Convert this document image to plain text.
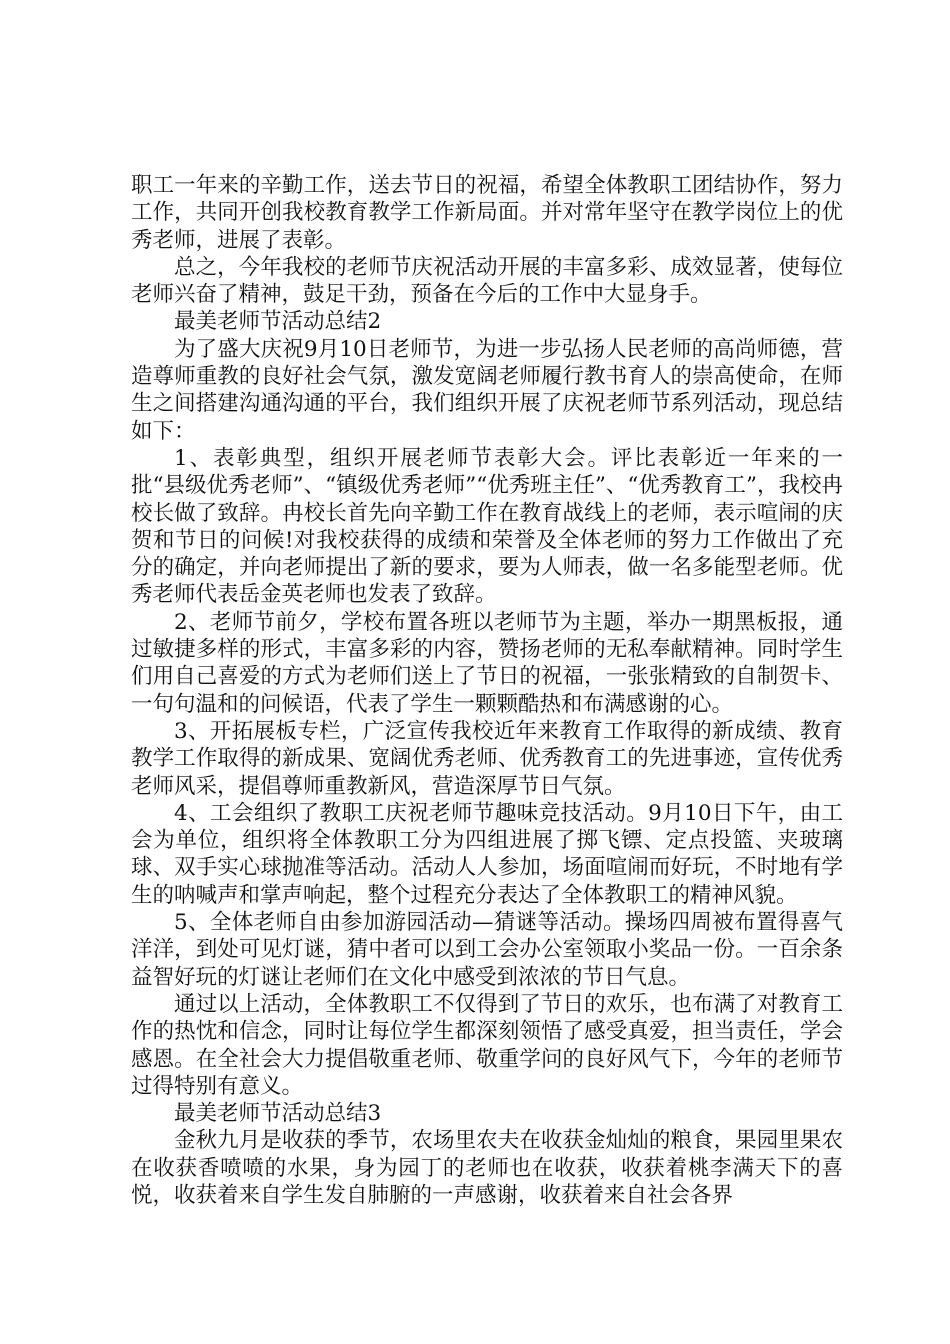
职工一年来的辛勤工作，送去节日的祝福，希望全体教职工团结协作，努力工作，共同开创我校教育教学工作新局面。并对常年坚守在教学岗位上的优秀老师，进展了表彰。

总之，今年我校的老师节庆祝活动开展的丰富多彩、成效显著，使每位老师兴奋了精神，鼓足干劲，预备在今后的工作中大显身手。

最美老师节活动总结2

为了盛大庆祝9月10日老师节，为进一步弘扬人民老师的高尚师德，营造尊师重教的良好社会气氛，激发宽阔老师履行教书育人的崇高使命，在师生之间搭建沟通沟通的平台，我们组织开展了庆祝老师节系列活动，现总结如下：

1、表彰典型，组织开展老师节表彰大会。评比表彰近一年来的一批“县级优秀老师”、“镇级优秀老师”“优秀班主任”、“优秀教育工”，我校冉校长做了致辞。冉校长首先向辛勤工作在教育战线上的老师，表示喧闹的庆贺和节日的问候!对我校获得的成绩和荣誉及全体老师的努力工作做出了充分的确定，并向老师提出了新的要求，要为人师表，做一名多能型老师。优秀老师代表岳金英老师也发表了致辞。

2、老师节前夕，学校布置各班以老师节为主题，举办一期黑板报，通过敏捷多样的形式，丰富多彩的内容，赞扬老师的无私奉献精神。同时学生们用自己喜爱的方式为老师们送上了节日的祝福，一张张精致的自制贺卡、一句句温和的问候语，代表了学生一颗颗酷热和布满感谢的心。

3、开拓展板专栏，广泛宣传我校近年来教育工作取得的新成绩、教育教学工作取得的新成果、宽阔优秀老师、优秀教育工的先进事迹，宣传优秀老师风采，提倡尊师重教新风，营造深厚节日气氛。

4、工会组织了教职工庆祝老师节趣味竞技活动。9月10日下午，由工会为单位，组织将全体教职工分为四组进展了掷飞镖、定点投篮、夹玻璃球、双手实心球抛准等活动。活动人人参加，场面喧闹而好玩，不时地有学生的呐喊声和掌声响起，整个过程充分表达了全体教职工的精神风貌。

5、全体老师自由参加游园活动—猜谜等活动。操场四周被布置得喜气洋洋，到处可见灯谜，猜中者可以到工会办公室领取小奖品一份。一百余条益智好玩的灯谜让老师们在文化中感受到浓浓的节日气息。

通过以上活动，全体教职工不仅得到了节日的欢乐，也布满了对教育工作的热忱和信念，同时让每位学生都深刻领悟了感受真爱，担当责任，学会感恩。在全社会大力提倡敬重老师、敬重学问的良好风气下，今年的老师节过得特别有意义。

最美老师节活动总结3

金秋九月是收获的季节，农场里农夫在收获金灿灿的粮食，果园里果农在收获香喷喷的水果，身为园丁的老师也在收获，收获着桃李满天下的喜悦，收获着来自学生发自肺腑的一声感谢，收获着来自社会各界
